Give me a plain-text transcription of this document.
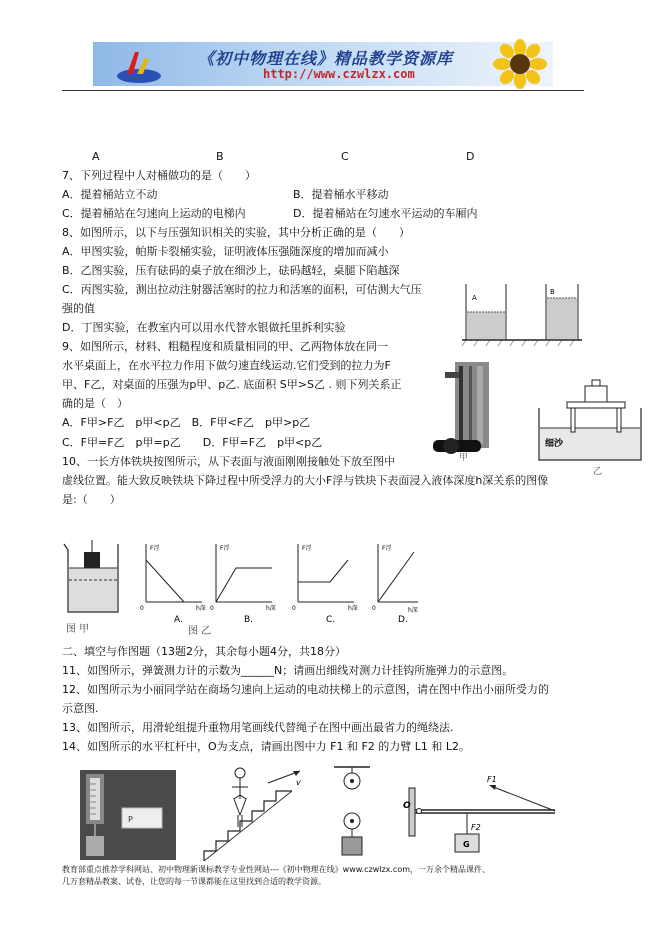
《初中物理在线》精品教学资源库
http://www.czwlzx.com
A	B	C	D
7、下列过程中人对桶做功的是（　　）
A．提着桶站立不动	B．提着桶水平移动
C．提着桶站在匀速向上运动的电梯内	D．提着桶站在匀速水平运动的车厢内
8、如图所示，以下与压强知识相关的实验，其中分析正确的是（　　）
A．甲图实验，帕斯卡裂桶实验，证明液体压强随深度的增加而减小
B．乙图实验，压有砝码的桌子放在细沙上，砝码越轻，桌腿下陷越深
C．丙图实验，测出拉动注射器活塞时的拉力和活塞的面积，可估测大气压
强的值
D．丁图实验，在教室内可以用水代替水银做托里拆利实验
A
B
9、如图所示，材料、粗糙程度和质量相同的甲、乙两物体放在同一
水平桌面上，在水平拉力作用下做匀速直线运动.它们受到的拉力为F
甲、F乙，对桌面的压强为p甲、p乙. 底面积 S甲>S乙 . 则下列关系正
确的是（　）
A．F甲>F乙　p甲<p乙　B．F甲<F乙　p甲>p乙
C．F甲=F乙　p甲=p乙　　D．F甲=F乙　p甲<p乙
甲
细沙
乙
10、一长方体铁块按图所示，从下表面与液面刚刚接触处下放至图中
虚线位置。能大致反映铁块下降过程中所受浮力的大小F浮与铁块下表面浸入液体深度h深关系的图像
是:（　　）
图 甲
F浮
h深
0
A.
F浮
h深
0
B.
F浮
h深
0
C.
F浮
h深
0
D.
图 乙
二、填空与作图题（13题2分，其余每小题4分，共18分）
11、如图所示，弹簧测力计的示数为______N；请画出细线对测力计挂钩所施弹力的示意图。
12、如图所示为小丽同学站在商场匀速向上运动的电动扶梯上的示意图，请在图中作出小丽所受力的
示意图.
13、如图所示，用滑轮组提升重物用笔画线代替绳子在图中画出最省力的绳绕法.
14、如图所示的水平杠杆中，O为支点，请画出图中力 F1 和 F2 的力臂 L1 和 L2。
P
v
O
F1
F2
G
教育部重点推荐学科网站、初中物理新课标教学专业性网站---《初中物理在线》www.czwlzx.com，一万余个精品课件、
几万套精品教案、试卷，让您的每一节课都能在这里找到合适的教学资源。
